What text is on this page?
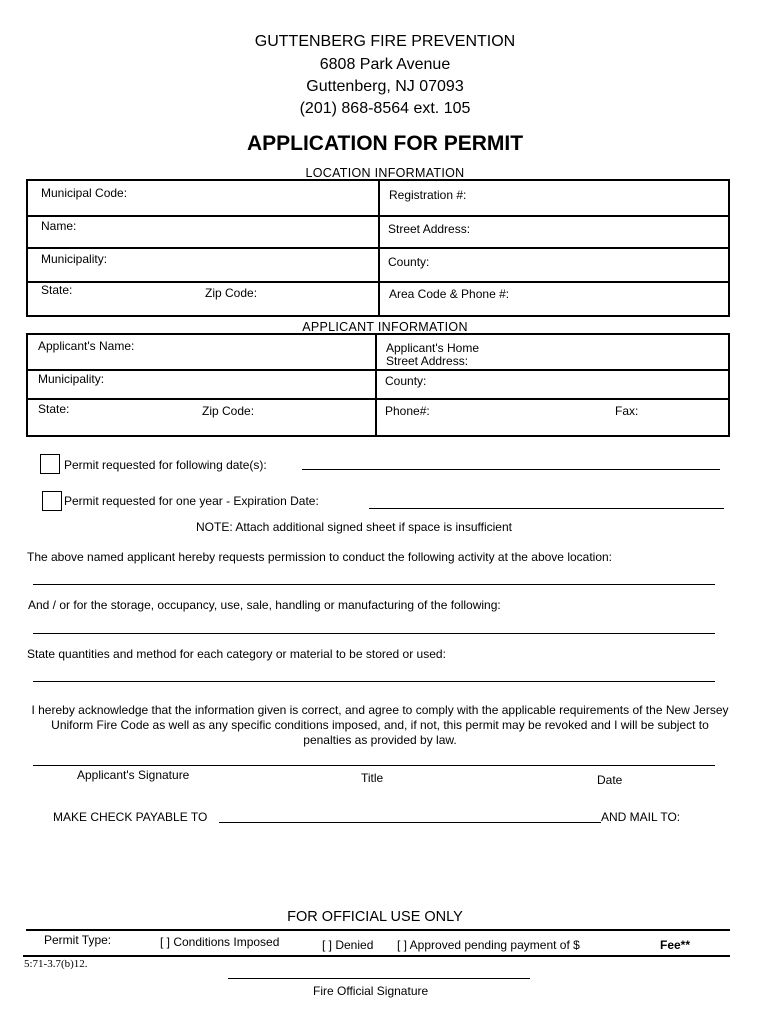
GUTTENBERG FIRE PREVENTION
6808 Park Avenue
Guttenberg, NJ 07093
(201) 868-8564 ext. 105
APPLICATION FOR PERMIT
LOCATION INFORMATION
Municipal Code:	Registration #:
Name:	Street Address:
Municipality:	County:
State:	Zip Code:	Area Code & Phone #:
APPLICANT INFORMATION
Applicant's Name:	Applicant's Home
Street Address:
Municipality:	County:
State:	Zip Code:	Phone#:	Fax:
Permit requested for following date(s):
Permit requested for one year - Expiration Date:
NOTE: Attach additional signed sheet if space is insufficient
The above named applicant hereby requests permission to conduct the following activity at the above location:
And / or for the storage, occupancy, use, sale, handling or manufacturing of the following:
State quantities and method for each category or material to be stored or used:
I hereby acknowledge that the information given is correct, and agree to comply with the applicable requirements of the New Jersey Uniform Fire Code as well as any specific conditions imposed, and, if not, this permit may be revoked and I will be subject to penalties as provided by law.
Applicant's Signature	Title	Date
MAKE CHECK PAYABLE TO	AND MAIL TO:
FOR OFFICIAL USE ONLY
Permit Type:	[ ] Conditions Imposed	[ ] Denied [ ] Approved pending payment of $	Fee**
5:71-3.7(b)12.
Fire Official Signature
